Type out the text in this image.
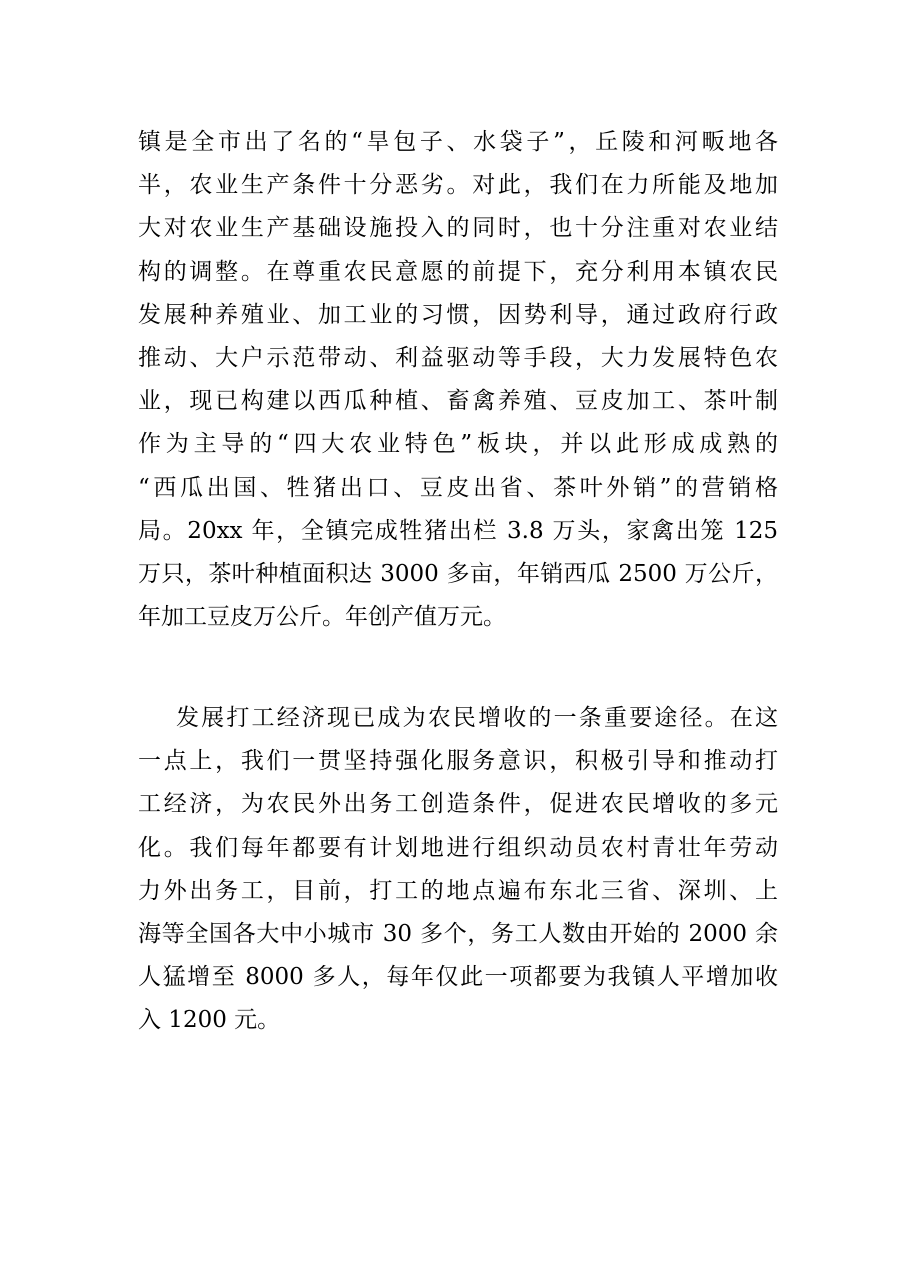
镇是全市出了名的“旱包子、水袋子”，丘陵和河畈地各
半，农业生产条件十分恶劣。对此，我们在力所能及地加
大对农业生产基础设施投入的同时，也十分注重对农业结
构的调整。在尊重农民意愿的前提下，充分利用本镇农民
发展种养殖业、加工业的习惯，因势利导，通过政府行政
推动、大户示范带动、利益驱动等手段，大力发展特色农
业，现已构建以西瓜种植、畜禽养殖、豆皮加工、茶叶制
作为主导的“四大农业特色”板块，并以此形成成熟的
“西瓜出国、牲猪出口、豆皮出省、茶叶外销”的营销格
局。20xx 年，全镇完成牲猪出栏 3.8 万头，家禽出笼 125
万只，茶叶种植面积达 3000 多亩，年销西瓜 2500 万公斤，
年加工豆皮万公斤。年创产值万元。
发展打工经济现已成为农民增收的一条重要途径。在这
一点上，我们一贯坚持强化服务意识，积极引导和推动打
工经济，为农民外出务工创造条件，促进农民增收的多元
化。我们每年都要有计划地进行组织动员农村青壮年劳动
力外出务工，目前，打工的地点遍布东北三省、深圳、上
海等全国各大中小城市 30 多个，务工人数由开始的 2000 余
人猛增至 8000 多人，每年仅此一项都要为我镇人平增加收
入 1200 元。
